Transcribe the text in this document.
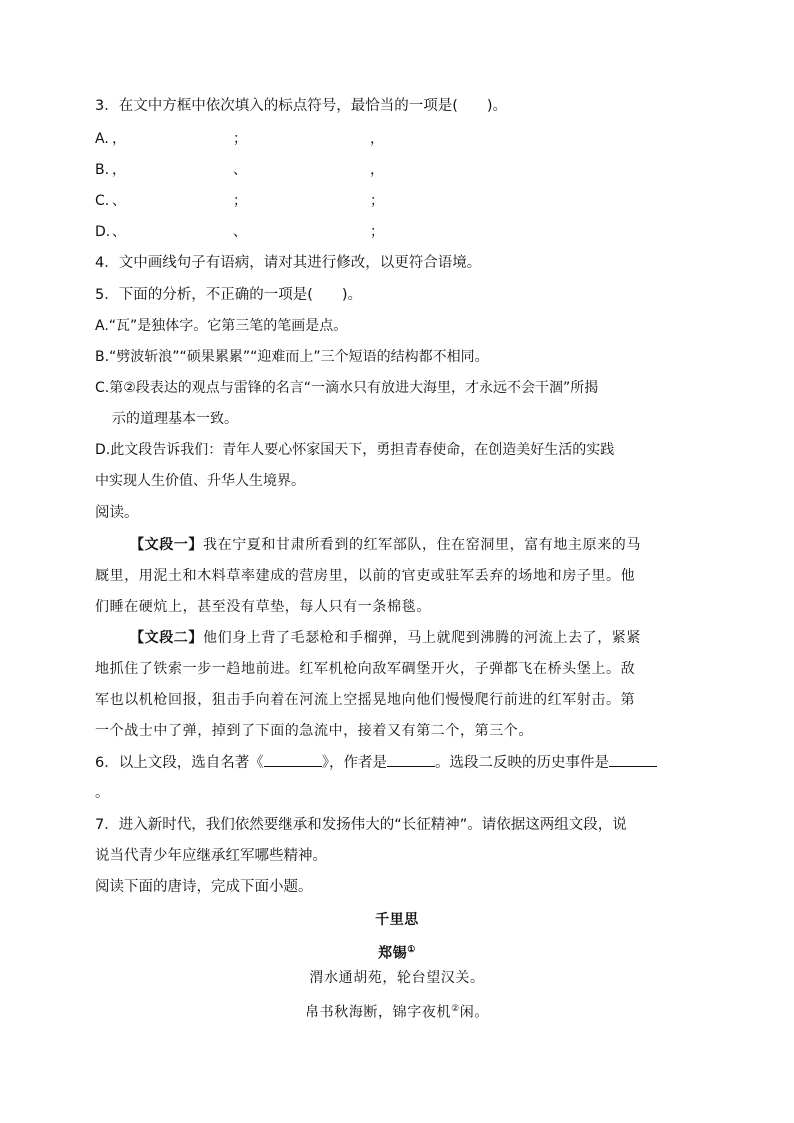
3．在文中方框中依次填入的标点符号，最恰当的一项是(　　)。
A. ，	；	，
B. ，	、	，
C. 、	；	；
D. 、	、	；
4．文中画线句子有语病，请对其进行修改，以更符合语境。
5．下面的分析，不正确的一项是(　　)。
A.“瓦”是独体字。它第三笔的笔画是点。
B.“劈波斩浪”“硕果累累”“迎难而上”三个短语的结构都不相同。
C.第②段表达的观点与雷锋的名言“一滴水只有放进大海里，才永远不会干涸”所揭
示的道理基本一致。
D.此文段告诉我们：青年人要心怀家国天下，勇担青春使命，在创造美好生活的实践
中实现人生价值、升华人生境界。
阅读。
【文段一】我在宁夏和甘肃所看到的红军部队，住在窑洞里，富有地主原来的马
厩里，用泥土和木料草率建成的营房里，以前的官吏或驻军丢弃的场地和房子里。他
们睡在硬炕上，甚至没有草垫，每人只有一条棉毯。
【文段二】他们身上背了毛瑟枪和手榴弹，马上就爬到沸腾的河流上去了，紧紧
地抓住了铁索一步一趋地前进。红军机枪向敌军碉堡开火，子弹都飞在桥头堡上。敌
军也以机枪回报，狙击手向着在河流上空摇晃地向他们慢慢爬行前进的红军射击。第
一个战士中了弹，掉到了下面的急流中，接着又有第二个，第三个。
6．以上文段，选自名著《	》，作者是	。选段二反映的历史事件是
。
7．进入新时代，我们依然要继承和发扬伟大的“长征精神”。请依据这两组文段，说
说当代青少年应继承红军哪些精神。
阅读下面的唐诗，完成下面小题。
千里思
郑锡①
渭水通胡苑，轮台望汉关。
帛书秋海断，锦字夜机②闲。
